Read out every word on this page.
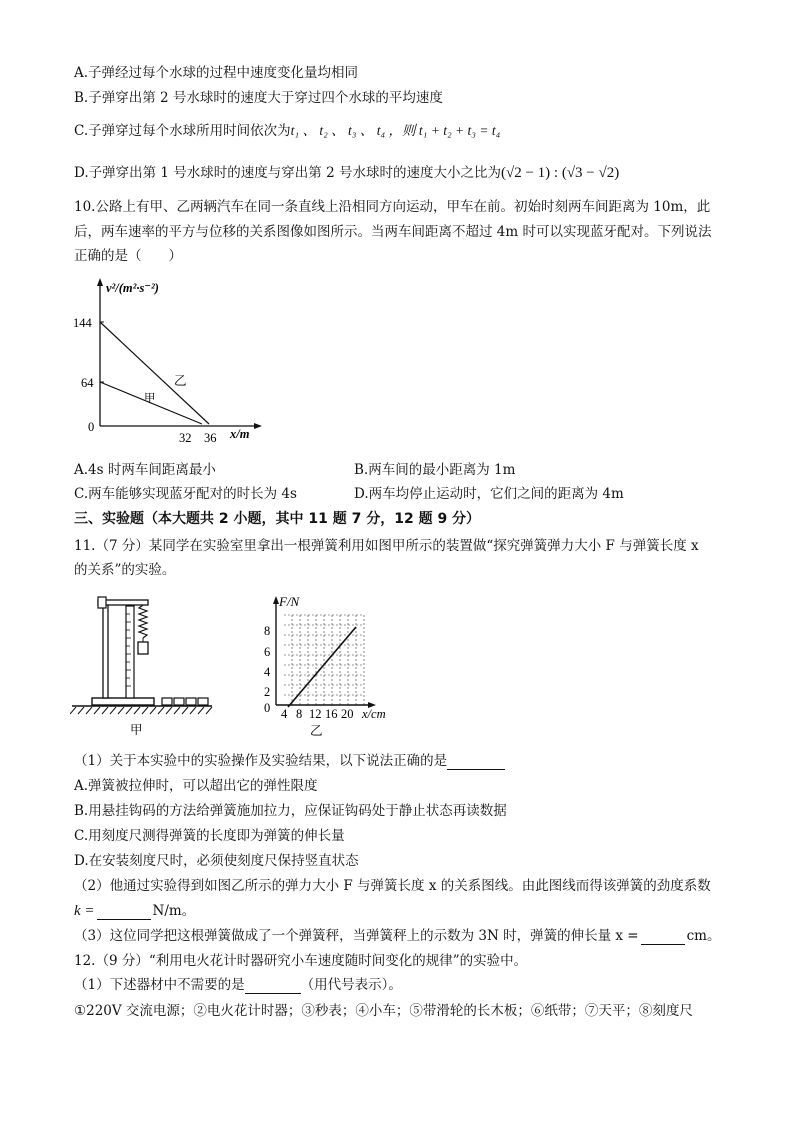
A.子弹经过每个水球的过程中速度变化量均相同
B.子弹穿出第 2 号水球时的速度大于穿过四个水球的平均速度
C.子弹穿过每个水球所用时间依次为t₁ 、 t₂ 、 t₃ 、 t₄ ，则 t₁ + t₂ + t₃ = t₄
D.子弹穿出第 1 号水球时的速度与穿出第 2 号水球时的速度大小之比为(√2 − 1) : (√3 − √2)
10.公路上有甲、乙两辆汽车在同一条直线上沿相同方向运动，甲车在前。初始时刻两车间距离为 10m，此
后，两车速率的平方与位移的关系图像如图所示。当两车间距离不超过 4m 时可以实现蓝牙配对。下列说法
正确的是（　　）
v²/(m²·s⁻²)
144
64
0
32 36 x/m
乙
甲
A.4s 时两车间距离最小	B.两车间的最小距离为 1m
C.两车能够实现蓝牙配对的时长为 4s	D.两车均停止运动时，它们之间的距离为 4m
三、实验题（本大题共 2 小题，其中 11 题 7 分，12 题 9 分）
11.（7 分）某同学在实验室里拿出一根弹簧利用如图甲所示的装置做“探究弹簧弹力大小 F 与弹簧长度 x
的关系”的实验。
甲
F/N
8
6
4
2
0 4 8 12 16 20 x/cm
乙
（1）关于本实验中的实验操作及实验结果，以下说法正确的是
A.弹簧被拉伸时，可以超出它的弹性限度
B.用悬挂钩码的方法给弹簧施加拉力，应保证钩码处于静止状态再读数据
C.用刻度尺测得弹簧的长度即为弹簧的伸长量
D.在安装刻度尺时，必须使刻度尺保持竖直状态
（2）他通过实验得到如图乙所示的弹力大小 F 与弹簧长度 x 的关系图线。由此图线而得该弹簧的劲度系数
k =	N/m。
（3）这位同学把这根弹簧做成了一个弹簧秤，当弹簧秤上的示数为 3N 时，弹簧的伸长量 x =	cm。
12.（9 分）“利用电火花计时器研究小车速度随时间变化的规律”的实验中。
（1）下述器材中不需要的是	（用代号表示）。
①220V 交流电源；②电火花计时器；③秒表；④小车；⑤带滑轮的长木板；⑥纸带；⑦天平；⑧刻度尺
